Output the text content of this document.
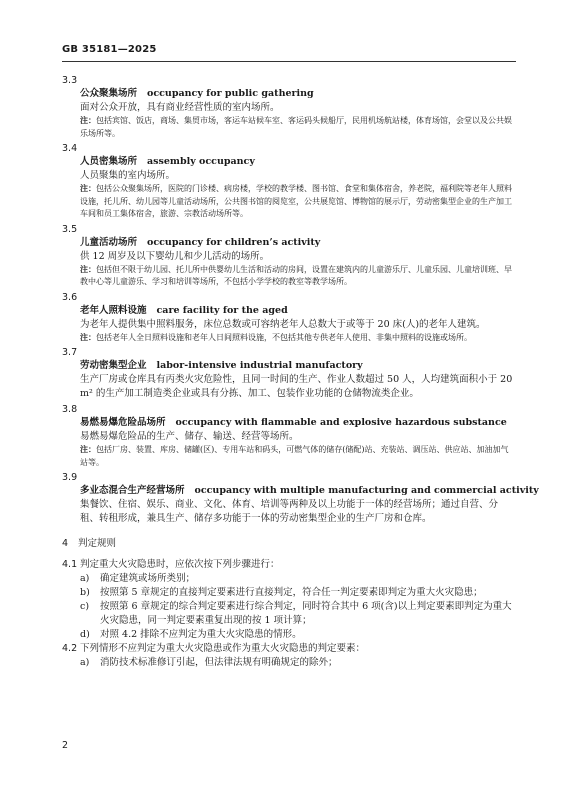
GB 35181—2025
3.3
公众聚集场所 occupancy for public gathering
面对公众开放，具有商业经营性质的室内场所。
注：包括宾馆、饭店，商场、集贸市场，客运车站候车室、客运码头候船厅，民用机场航站楼，体育场馆，会堂以及公共娱乐场所等。
3.4
人员密集场所 assembly occupancy
人员聚集的室内场所。
注：包括公众聚集场所，医院的门诊楼、病房楼，学校的教学楼、图书馆、食堂和集体宿舍，养老院，福利院等老年人照料设施，托儿所、幼儿园等儿童活动场所，公共图书馆的阅览室，公共展览馆、博物馆的展示厅，劳动密集型企业的生产加工车间和员工集体宿舍，旅游、宗教活动场所等。
3.5
儿童活动场所 occupancy for children’s activity
供 12 周岁及以下婴幼儿和少儿活动的场所。
注：包括但不限于幼儿园、托儿所中供婴幼儿生活和活动的房间，设置在建筑内的儿童游乐厅、儿童乐园、儿童培训班、早教中心等儿童游乐、学习和培训等场所，不包括小学学校的教室等教学场所。
3.6
老年人照料设施 care facility for the aged
为老年人提供集中照料服务，床位总数或可容纳老年人总数大于或等于 20 床(人)的老年人建筑。
注：包括老年人全日照料设施和老年人日间照料设施，不包括其他专供老年人使用、非集中照料的设施或场所。
3.7
劳动密集型企业 labor-intensive industrial manufactory
生产厂房或仓库具有丙类火灾危险性，且同一时间的生产、作业人数超过 50 人，人均建筑面积小于 20 m² 的生产加工制造类企业或具有分拣、加工、包装作业功能的仓储物流类企业。
3.8
易燃易爆危险品场所 occupancy with flammable and explosive hazardous substance
易燃易爆危险品的生产、储存、输送、经营等场所。
注：包括厂房、装置、库房、储罐(区)、专用车站和码头，可燃气体的储存(储配)站、充装站、调压站、供应站、加油加气站等。
3.9
多业态混合生产经营场所 occupancy with multiple manufacturing and commercial activity
集餐饮、住宿、娱乐、商业、文化、体育、培训等两种及以上功能于一体的经营场所；通过自营、分租、转租形成，兼具生产、储存多功能于一体的劳动密集型企业的生产厂房和仓库。
4 判定规则
4.1 判定重大火灾隐患时，应依次按下列步骤进行：
a) 确定建筑或场所类别；
b) 按照第 5 章规定的直接判定要素进行直接判定，符合任一判定要素即判定为重大火灾隐患；
c) 按照第 6 章规定的综合判定要素进行综合判定，同时符合其中 6 项(含)以上判定要素即判定为重大火灾隐患，同一判定要素重复出现的按 1 项计算；
d) 对照 4.2 排除不应判定为重大火灾隐患的情形。
4.2 下列情形不应判定为重大火灾隐患或作为重大火灾隐患的判定要素：
a) 消防技术标准修订引起，但法律法规有明确规定的除外；
2
